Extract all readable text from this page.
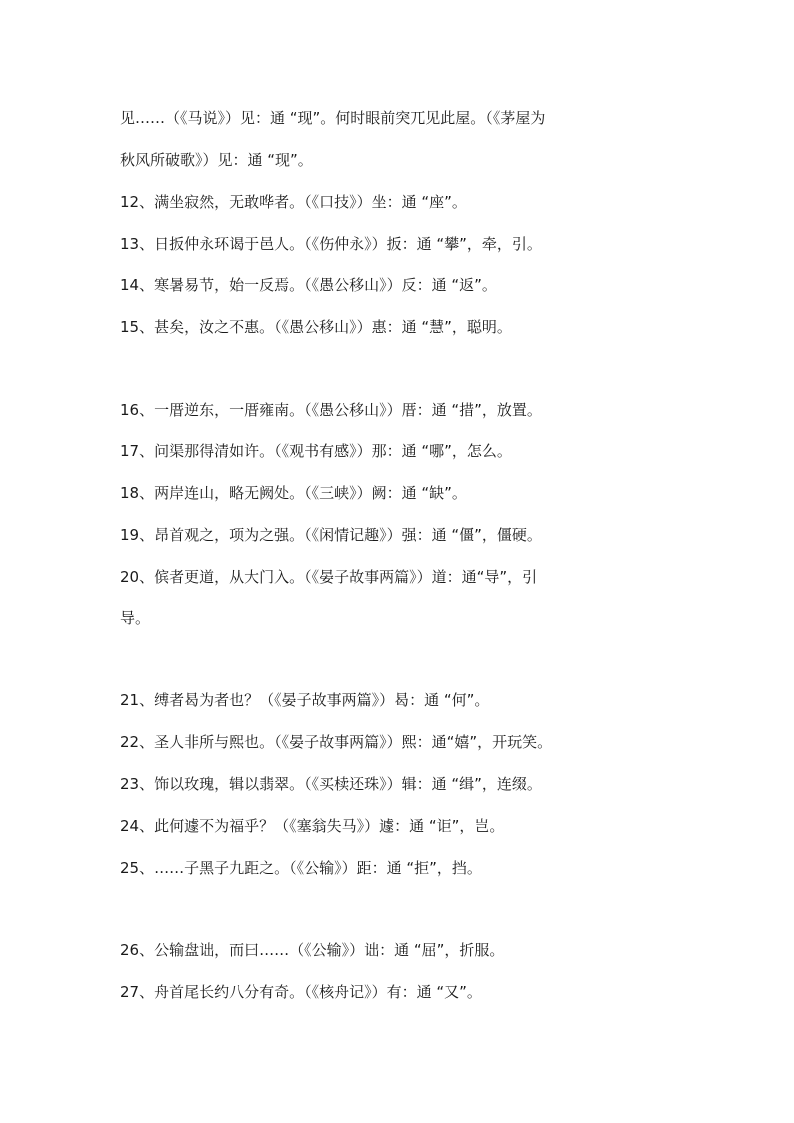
见……（《马说》）见：通 “现”。何时眼前突兀见此屋。（《茅屋为
秋风所破歌》）见：通 “现”。
12、满坐寂然，无敢哗者。（《口技》）坐：通 “座”。
13、日扳仲永环谒于邑人。（《伤仲永》）扳：通 “攀”，牵，引。
14、寒暑易节，始一反焉。（《愚公移山》）反：通 “返”。
15、甚矣，汝之不惠。（《愚公移山》）惠：通 “慧”，聪明。
16、一厝逆东，一厝雍南。（《愚公移山》）厝：通 “措”，放置。
17、问渠那得清如许。（《观书有感》）那：通 “哪”，怎么。
18、两岸连山，略无阙处。（《三峡》）阙：通 “缺”。
19、昂首观之，项为之强。（《闲情记趣》）强：通 “僵”，僵硬。
20、傧者更道，从大门入。（《晏子故事两篇》）道：通“导”，引
导。
21、缚者曷为者也？（《晏子故事两篇》）曷：通 “何”。
22、圣人非所与熙也。（《晏子故事两篇》）熙：通“嬉”，开玩笑。
23、饰以玫瑰，辑以翡翠。（《买椟还珠》）辑：通 “缉”，连缀。
24、此何遽不为福乎？（《塞翁失马》）遽：通 “讵”，岂。
25、……子黑子九距之。（《公输》）距：通 “拒”，挡。
26、公输盘诎，而曰……（《公输》）诎：通 “屈”，折服。
27、舟首尾长约八分有奇。（《核舟记》）有：通 “又”。
